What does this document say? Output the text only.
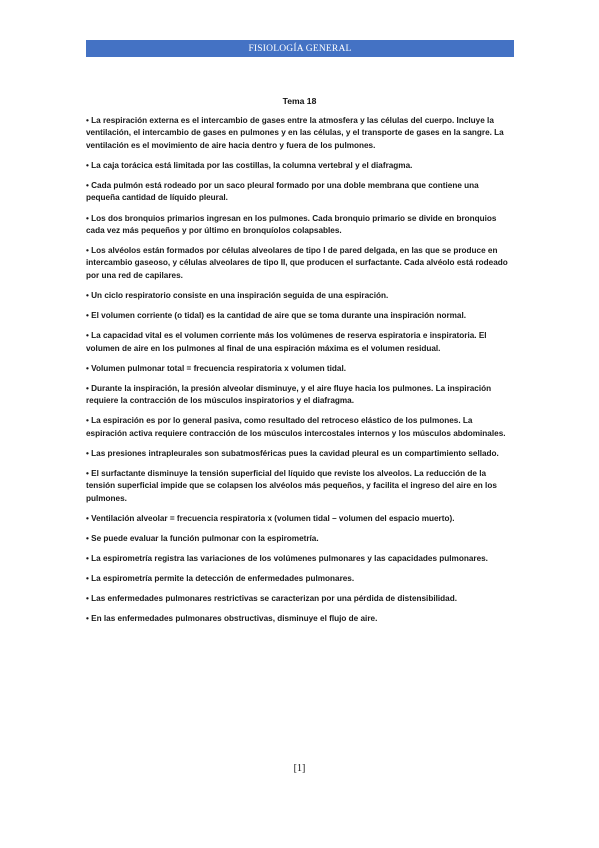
FISIOLOGÍA GENERAL
Tema 18

• La respiración externa es el intercambio de gases entre la atmosfera y las células del cuerpo. Incluye la ventilación, el intercambio de gases en pulmones y en las células, y el transporte de gases en la sangre. La ventilación es el movimiento de aire hacia dentro y fuera de los pulmones.

• La caja torácica está limitada por las costillas, la columna vertebral y el diafragma.

• Cada pulmón está rodeado por un saco pleural formado por una doble membrana que contiene una pequeña cantidad de líquido pleural.

• Los dos bronquios primarios ingresan en los pulmones. Cada bronquio primario se divide en bronquios cada vez más pequeños y por último en bronquíolos colapsables.

• Los alvéolos están formados por células alveolares de tipo I de pared delgada, en las que se produce en intercambio gaseoso, y células alveolares de tipo II, que producen el surfactante. Cada alvéolo está rodeado por una red de capilares.

• Un ciclo respiratorio consiste en una inspiración seguida de una espiración.

• El volumen corriente (o tidal) es la cantidad de aire que se toma durante una inspiración normal.

• La capacidad vital es el volumen corriente más los volúmenes de reserva espiratoria e inspiratoria. El volumen de aire en los pulmones al final de una espiración máxima es el volumen residual.

• Volumen pulmonar total = frecuencia respiratoria x volumen tidal.

• Durante la inspiración, la presión alveolar disminuye, y el aire fluye hacia los pulmones. La inspiración requiere la contracción de los músculos inspiratorios y el diafragma.

• La espiración es por lo general pasiva, como resultado del retroceso elástico de los pulmones. La espiración activa requiere contracción de los músculos intercostales internos y los músculos abdominales.

• Las presiones intrapleurales son subatmosféricas pues la cavidad pleural es un compartimiento sellado.

• El surfactante disminuye la tensión superficial del líquido que reviste los alveolos. La reducción de la tensión superficial impide que se colapsen los alvéolos más pequeños, y facilita el ingreso del aire en los pulmones.

• Ventilación alveolar = frecuencia respiratoria x (volumen tidal – volumen del espacio muerto).

• Se puede evaluar la función pulmonar con la espirometría.

• La espirometría registra las variaciones de los volúmenes pulmonares y las capacidades pulmonares.

• La espirometría permite la detección de enfermedades pulmonares.

• Las enfermedades pulmonares restrictivas se caracterizan por una pérdida de distensibilidad.

• En las enfermedades pulmonares obstructivas, disminuye el flujo de aire.

[1]
